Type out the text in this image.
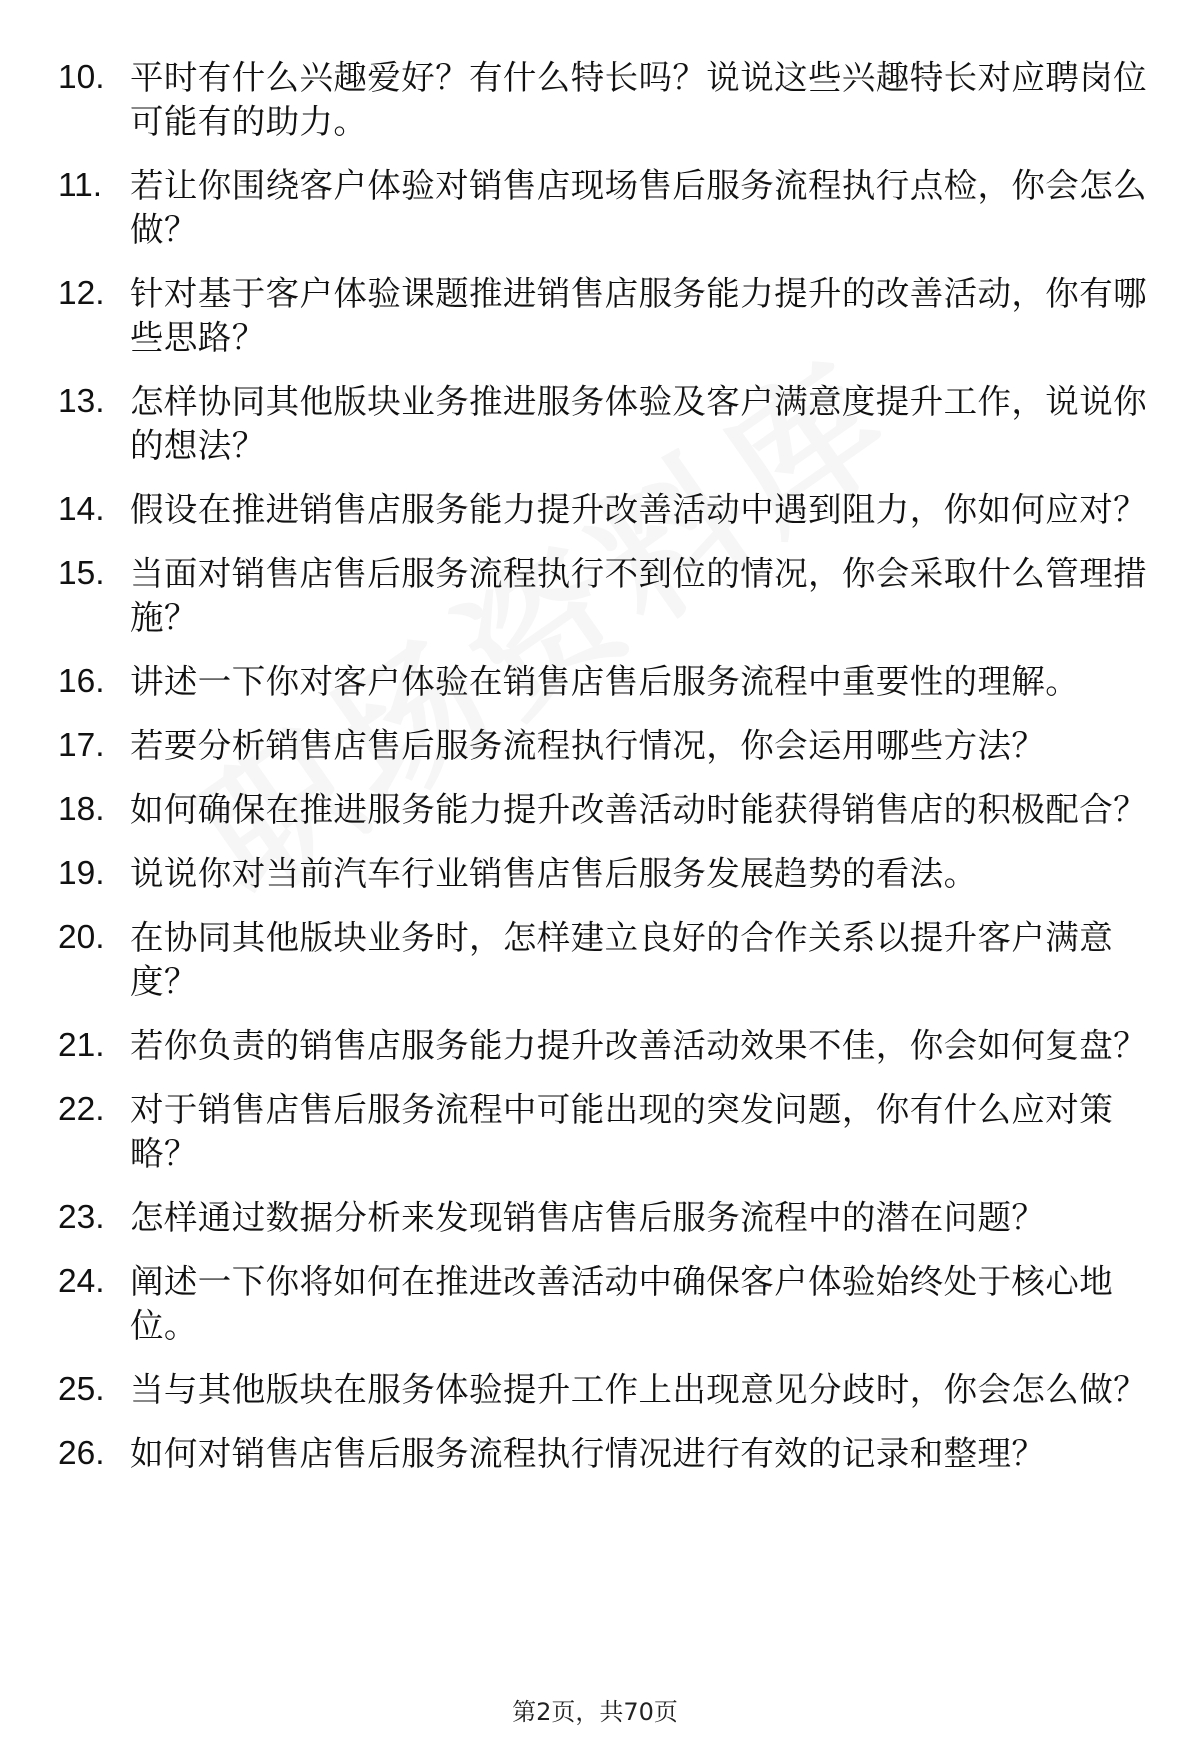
10. 平时有什么兴趣爱好？有什么特长吗？说说这些兴趣特长对应聘岗位可能有的助力。
11. 若让你围绕客户体验对销售店现场售后服务流程执行点检，你会怎么做？
12. 针对基于客户体验课题推进销售店服务能力提升的改善活动，你有哪些思路？
13. 怎样协同其他版块业务推进服务体验及客户满意度提升工作，说说你的想法？
14. 假设在推进销售店服务能力提升改善活动中遇到阻力，你如何应对？
15. 当面对销售店售后服务流程执行不到位的情况，你会采取什么管理措施？
16. 讲述一下你对客户体验在销售店售后服务流程中重要性的理解。
17. 若要分析销售店售后服务流程执行情况，你会运用哪些方法？
18. 如何确保在推进服务能力提升改善活动时能获得销售店的积极配合？
19. 说说你对当前汽车行业销售店售后服务发展趋势的看法。
20. 在协同其他版块业务时，怎样建立良好的合作关系以提升客户满意度？
21. 若你负责的销售店服务能力提升改善活动效果不佳，你会如何复盘？
22. 对于销售店售后服务流程中可能出现的突发问题，你有什么应对策略？
23. 怎样通过数据分析来发现销售店售后服务流程中的潜在问题？
24. 阐述一下你将如何在推进改善活动中确保客户体验始终处于核心地位。
25. 当与其他版块在服务体验提升工作上出现意见分歧时，你会怎么做？
26. 如何对销售店售后服务流程执行情况进行有效的记录和整理？
第2页，共70页
